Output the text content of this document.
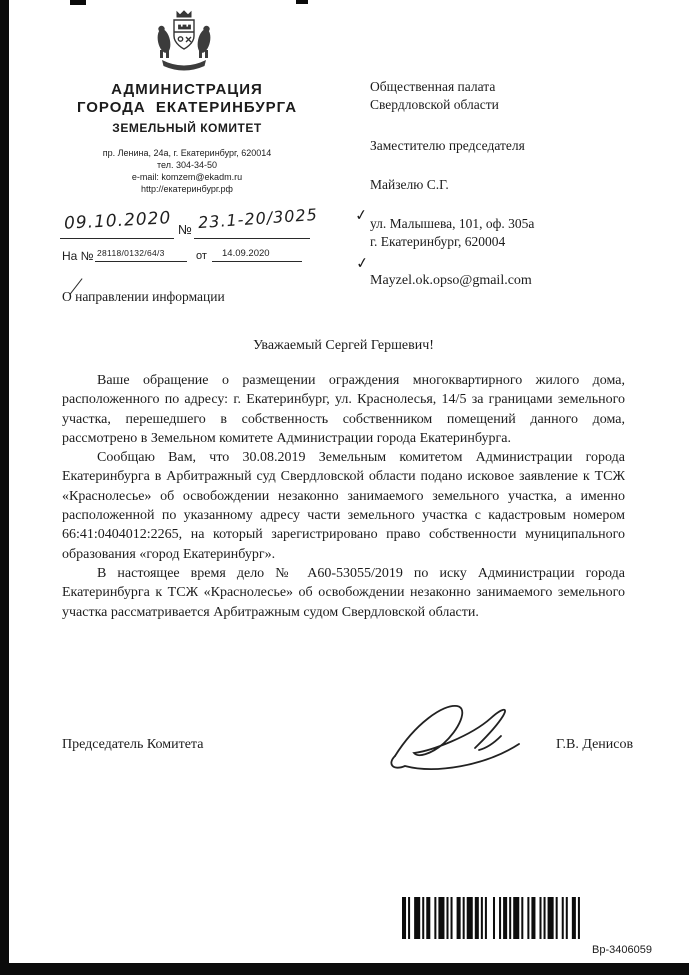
АДМИНИСТРАЦИЯ
ГОРОДА ЕКАТЕРИНБУРГА
ЗЕМЕЛЬНЫЙ КОМИТЕТ
пр. Ленина, 24а, г. Екатеринбург, 620014
тел. 304-34-50
e-mail: komzem@ekadm.ru
http://екатеринбург.рф
09.10.2020 № 23.1-20/3025
На № 28118/0132/64/3	от 14.09.2020
Общественная палата
Свердловской области
Заместителю председателя
Майзелю С.Г.
✓ ул. Малышева, 101, оф. 305а
г. Екатеринбург, 620004
✓
Mayzel.ok.opso@gmail.com
О направлении информации
Уважаемый Сергей Гершевич!

Ваше обращение о размещении ограждения многоквартирного жилого дома, расположенного по адресу: г. Екатеринбург, ул. Краснолесья, 14/5 за границами земельного участка, перешедшего в собственность собственником помещений данного дома, рассмотрено в Земельном комитете Администрации города Екатеринбурга.

Сообщаю Вам, что 30.08.2019 Земельным комитетом Администрации города Екатеринбурга в Арбитражный суд Свердловской области подано исковое заявление к ТСЖ «Краснолесье» об освобождении незаконно занимаемого земельного участка, а именно расположенной по указанному адресу части земельного участка с кадастровым номером 66:41:0404012:2265, на который зарегистрировано право собственности муниципального образования «город Екатеринбург».

В настоящее время дело № А60-53055/2019 по иску Администрации города Екатеринбурга к ТСЖ «Краснолесье» об освобождении незаконно занимаемого земельного участка рассматривается Арбитражным судом Свердловской области.

Председатель Комитета	Г.В. Денисов
Вр-3406059
